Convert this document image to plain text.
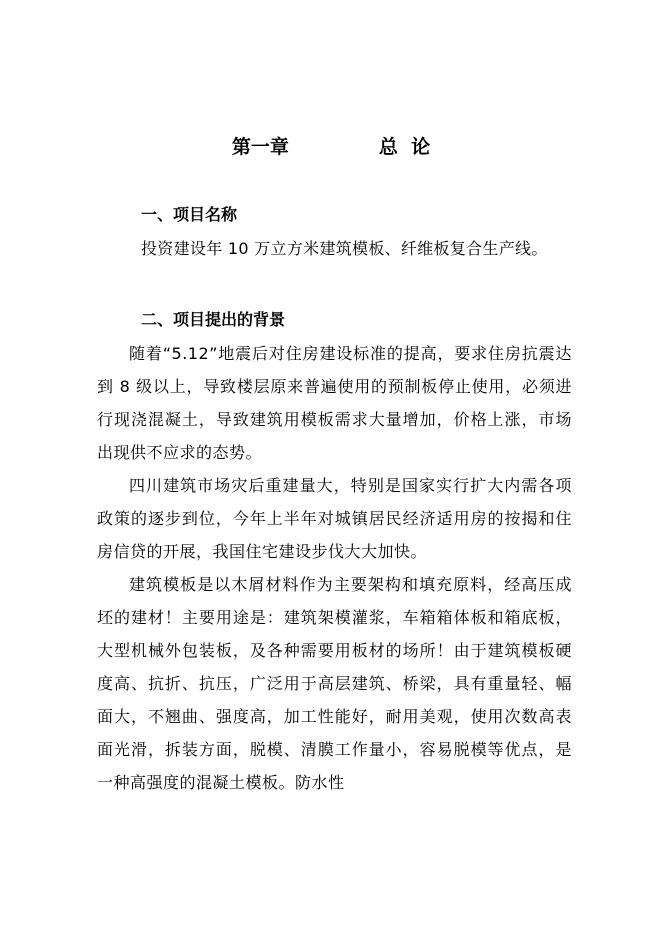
第一章	总  论
一、项目名称
投资建设年 10 万立方米建筑模板、纤维板复合生产线。
二、项目提出的背景
随着“5.12”地震后对住房建设标准的提高，要求住房抗震达到 8 级以上，导致楼层原来普遍使用的预制板停止使用，必须进行现浇混凝土，导致建筑用模板需求大量增加，价格上涨，市场出现供不应求的态势。
四川建筑市场灾后重建量大，特别是国家实行扩大内需各项政策的逐步到位，今年上半年对城镇居民经济适用房的按揭和住房信贷的开展，我国住宅建设步伐大大加快。
建筑模板是以木屑材料作为主要架构和填充原料，经高压成坯的建材！主要用途是：建筑架模灌浆，车箱箱体板和箱底板，大型机械外包装板，及各种需要用板材的场所！由于建筑模板硬度高、抗折、抗压，广泛用于高层建筑、桥梁，具有重量轻、幅面大，不翘曲、强度高，加工性能好，耐用美观，使用次数高表面光滑，拆装方面，脱模、清膜工作量小，容易脱模等优点，是一种高强度的混凝土模板。防水性
